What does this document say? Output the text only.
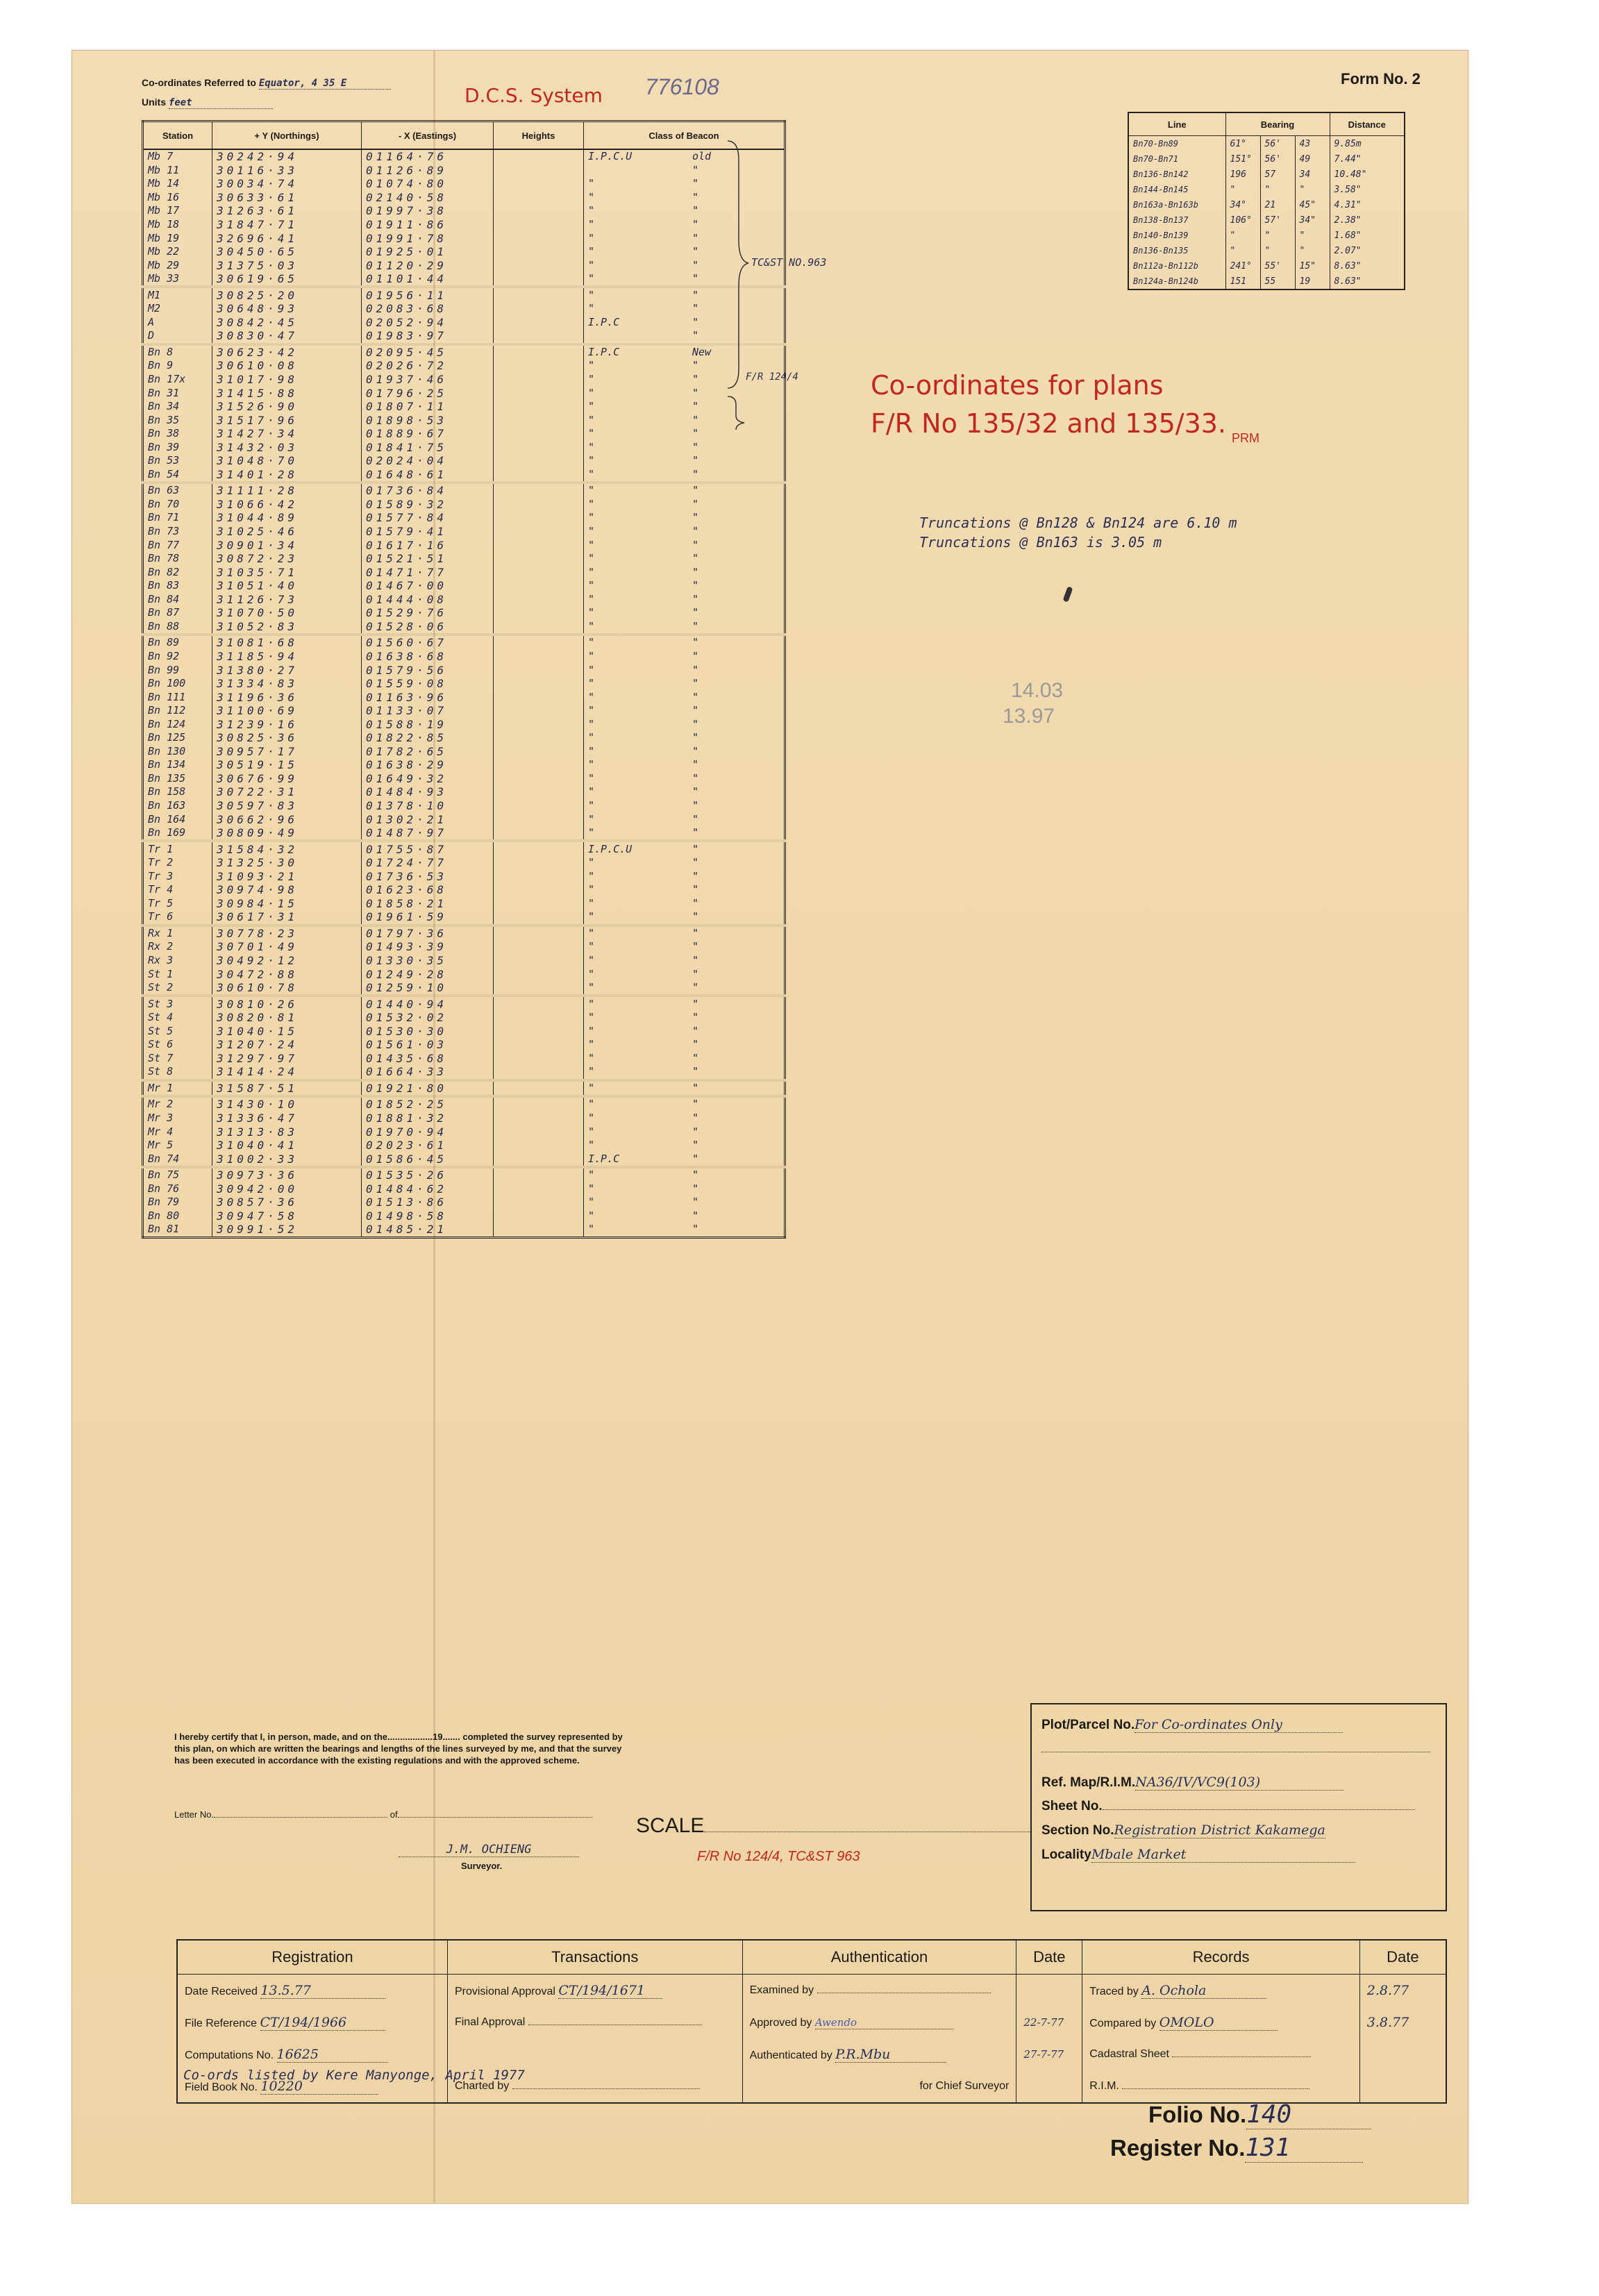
Co-ordinates Referred to Equator, 4 35 E
Units feet	D.C.S. System 776108	Form No. 2
Station	+ Y (Northings)	- X (Eastings)	Heights	Class of Beacon
Mb 7	30242·94	01164·76		I.P.C.U old
Mb 11	30116·33	01126·89		"
Mb 14	30034·74	01074·80		" "
Mb 16	30633·61	02140·58		" "
Mb 17	31263·61	01997·38		" "
Mb 18	31847·71	01911·86		" "
Mb 19	32696·41	01991·78		" "
Mb 22	30450·65	01925·01		" "
Mb 29	31375·03	01120·29		" "
Mb 33	30619·65	01101·44		" "
M1	30825·20	01956·11		" "
M2	30648·93	02083·68		" "
A	30842·45	02052·94		I.P.C "
D	30830·47	01983·97		"
Bn 8	30623·42	02095·45		I.P.C New
Bn 9	30610·08	02026·72		" "
Bn 17x	31017·98	01937·46		" "
Bn 31	31415·88	01796·25		" "
Bn 34	31526·90	01807·11		" "
Bn 35	31517·96	01898·53		" "
Bn 38	31427·34	01889·67		" "
Bn 39	31432·03	01841·75		" "
Bn 53	31048·70	02024·04		" "
Bn 54	31401·28	01648·61		" "
Bn 63	31111·28	01736·84		" "
Bn 70	31066·42	01589·32		" "
Bn 71	31044·89	01577·84		" "
Bn 73	31025·46	01579·41		" "
Bn 77	30901·34	01617·16		" "
Bn 78	30872·23	01521·51		" "
Bn 82	31035·71	01471·77		" "
Bn 83	31051·40	01467·00		" "
Bn 84	31126·73	01444·08		" "
Bn 87	31070·50	01529·76		" "
Bn 88	31052·83	01528·06		" "
Bn 89	31081·68	01560·67		" "
Bn 92	31185·94	01638·68		" "
Bn 99	31380·27	01579·56		" "
Bn 100	31334·83	01559·08		" "
Bn 111	31196·36	01163·96		" "
Bn 112	31100·69	01133·07		" "
Bn 124	31239·16	01588·19		" "
Bn 125	30825·36	01822·85		" "
Bn 130	30957·17	01782·65		" "
Bn 134	30519·15	01638·29		" "
Bn 135	30676·99	01649·32		" "
Bn 158	30722·31	01484·93		" "
Bn 163	30597·83	01378·10		" "
Bn 164	30662·96	01302·21		" "
Bn 169	30809·49	01487·97		" "
Tr 1	31584·32	01755·87		I.P.C.U "
Tr 2	31325·30	01724·77		" "
Tr 3	31093·21	01736·53		" "
Tr 4	30974·98	01623·68		" "
Tr 5	30984·15	01858·21		" "
Tr 6	30617·31	01961·59		" "
Rx 1	30778·23	01797·36		" "
Rx 2	30701·49	01493·39		" "
Rx 3	30492·12	01330·35		" "
St 1	30472·88	01249·28		" "
St 2	30610·78	01259·10		" "
St 3	30810·26	01440·94		" "
St 4	30820·81	01532·02		" "
St 5	31040·15	01530·30		" "
St 6	31207·24	01561·03		" "
St 7	31297·97	01435·68		" "
St 8	31414·24	01664·33		" "
Mr 1	31587·51	01921·80		" "
Mr 2	31430·10	01852·25		" "
Mr 3	31336·47	01881·32		" "
Mr 4	31313·83	01970·94		" "
Mr 5	31040·41	02023·61		" "
Bn 74	31002·33	01586·45		I.P.C "
Bn 75	30973·36	01535·26		" "
Bn 76	30942·00	01484·62		" "
Bn 79	30857·36	01513·86		" "
Bn 80	30947·58	01498·58		" "
Bn 81	30991·52	01485·21		" "
TC&ST NO.963
F/R 124/4
Line	Bearing			Distance
Bn70-Bn89	61°	56'	43	9.85m
Bn70-Bn71	151°	56'	49	7.44"
Bn136-Bn142	196	57	34	10.48"
Bn144-Bn145	"	"	"	3.58"
Bn163a-Bn163b	34°	21	45"	4.31"
Bn138-Bn137	106°	57'	34"	2.38"
Bn140-Bn139	"	"	"	1.68"
Bn136-Bn135	"	"	"	2.07"
Bn112a-Bn112b	241°	55'	15"	8.63"
Bn124a-Bn124b	151	55	19	8.63"
Co-ordinates for plans
F/R No 135/32 and 135/33. PRM
Truncations @ Bn128 & Bn124 are 6.10 m
Truncations @ Bn163 is 3.05 m
14.03
13.97
I hereby certify that I, in person, made, and on the..................19....... completed the survey represented by this plan, on which are written the bearings and lengths of the lines surveyed by me, and that the survey has been executed in accordance with the existing regulations and with the approved scheme.
Letter No.	of
J.M. OCHIENG
Surveyor.
SCALE
F/R No 124/4, TC&ST 963
Plot/Parcel No.For Co-ordinates Only
Ref. Map/R.I.M.NA36/IV/VC9(103)
Sheet No.
Section No.Registration District Kakamega
LocalityMbale Market
Registration	Transactions	Authentication	Date	Records	Date
Date Received 13.5.77	Provisional Approval CT/194/1671	Examined by		Traced by A. Ochola	2.8.77
File Reference CT/194/1966	Final Approval	Approved by Awendo	22-7-77	Compared by OMOLO	3.8.77
Computations No. 16625		Authenticated by P.R.Mbu	27-7-77	Cadastral Sheet	
Field Book No. 10220	Charted by	for Chief Surveyor		R.I.M.	
Co-ords listed by Kere Manyonge, April 1977
Folio No.140
Register No.131
